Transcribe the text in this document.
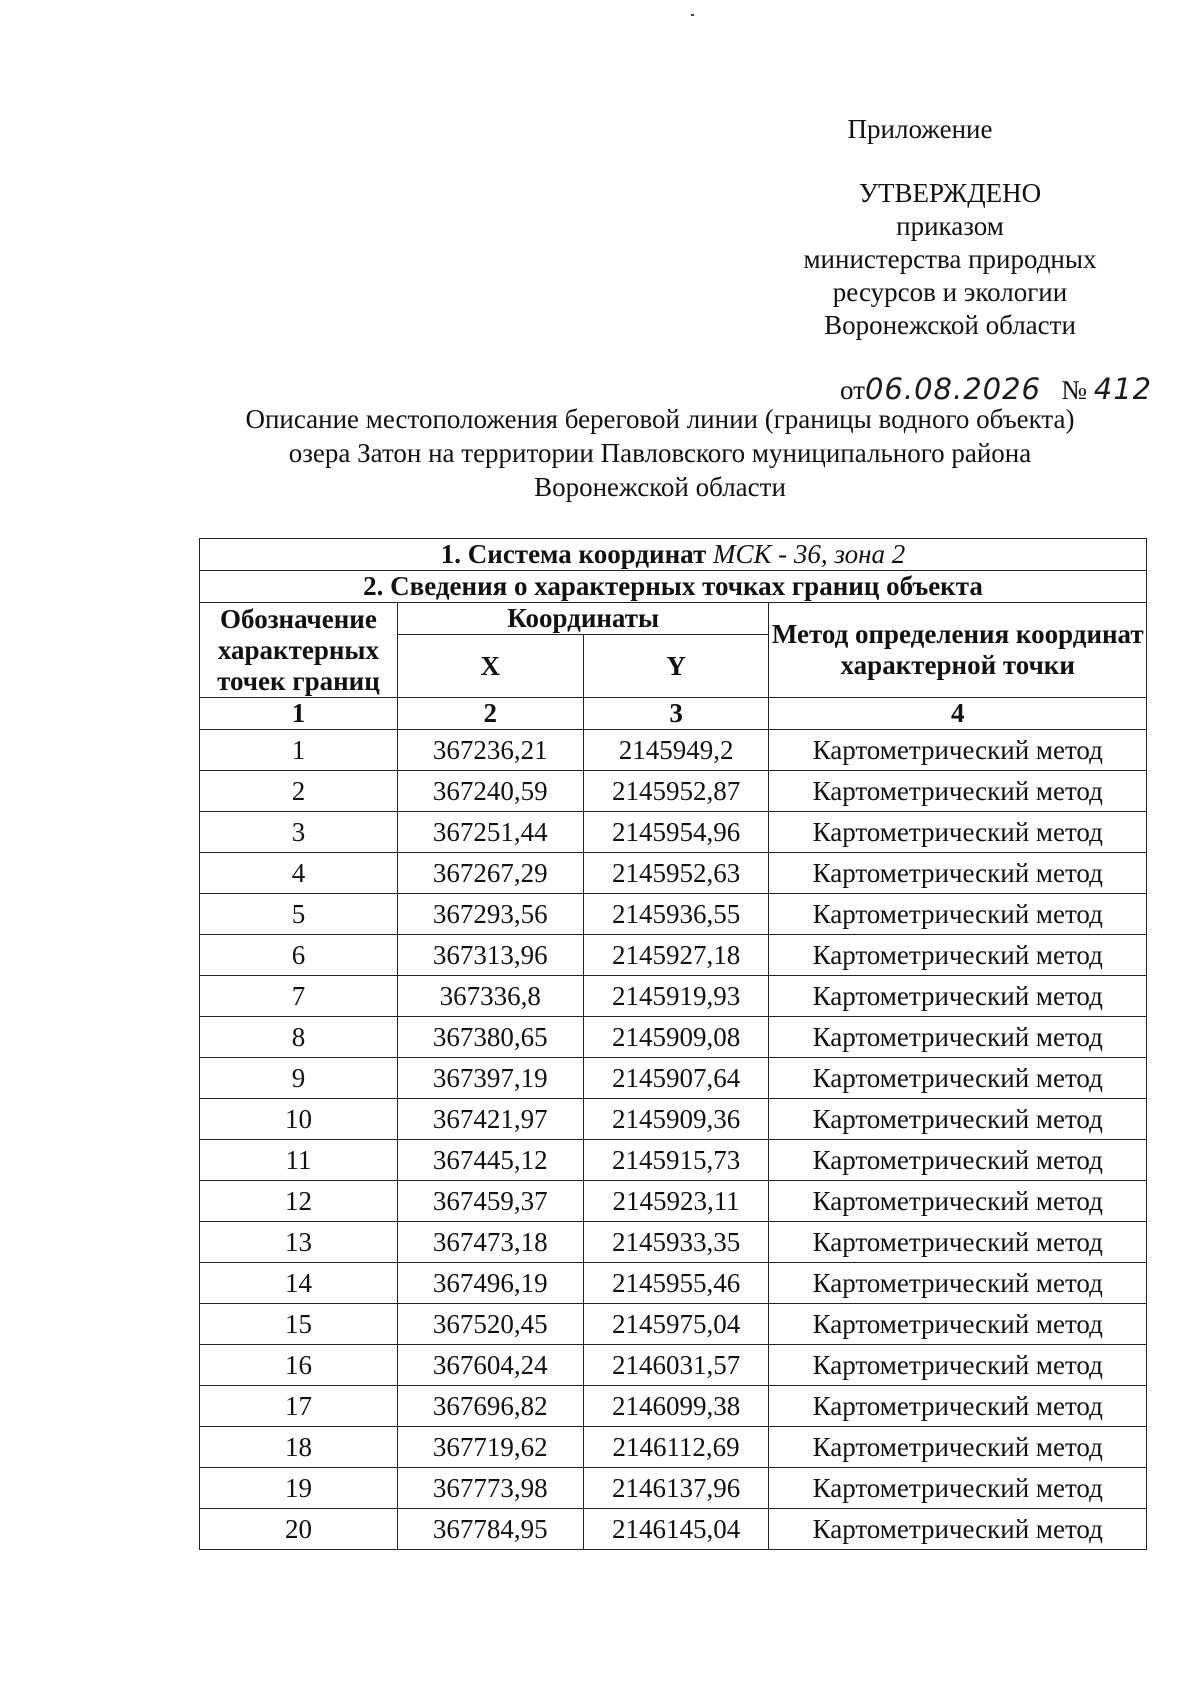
Приложение
УТВЕРЖДЕНО
приказом
министерства природных
ресурсов и экологии
Воронежской области
от06.08.2026 № 412
Описание местоположения береговой линии (границы водного объекта)
озера Затон на территории Павловского муниципального района
Воронежской области
1. Система координат МСК - 36, зона 2			
2. Сведения о характерных точках границ объекта			
Обозначение характерных точек границ	Координаты		Метод определения координат характерной точки
	X	Y	
1	2	3	4
1	367236,21	2145949,2	Картометрический метод
2	367240,59	2145952,87	Картометрический метод
3	367251,44	2145954,96	Картометрический метод
4	367267,29	2145952,63	Картометрический метод
5	367293,56	2145936,55	Картометрический метод
6	367313,96	2145927,18	Картометрический метод
7	367336,8	2145919,93	Картометрический метод
8	367380,65	2145909,08	Картометрический метод
9	367397,19	2145907,64	Картометрический метод
10	367421,97	2145909,36	Картометрический метод
11	367445,12	2145915,73	Картометрический метод
12	367459,37	2145923,11	Картометрический метод
13	367473,18	2145933,35	Картометрический метод
14	367496,19	2145955,46	Картометрический метод
15	367520,45	2145975,04	Картометрический метод
16	367604,24	2146031,57	Картометрический метод
17	367696,82	2146099,38	Картометрический метод
18	367719,62	2146112,69	Картометрический метод
19	367773,98	2146137,96	Картометрический метод
20	367784,95	2146145,04	Картометрический метод
